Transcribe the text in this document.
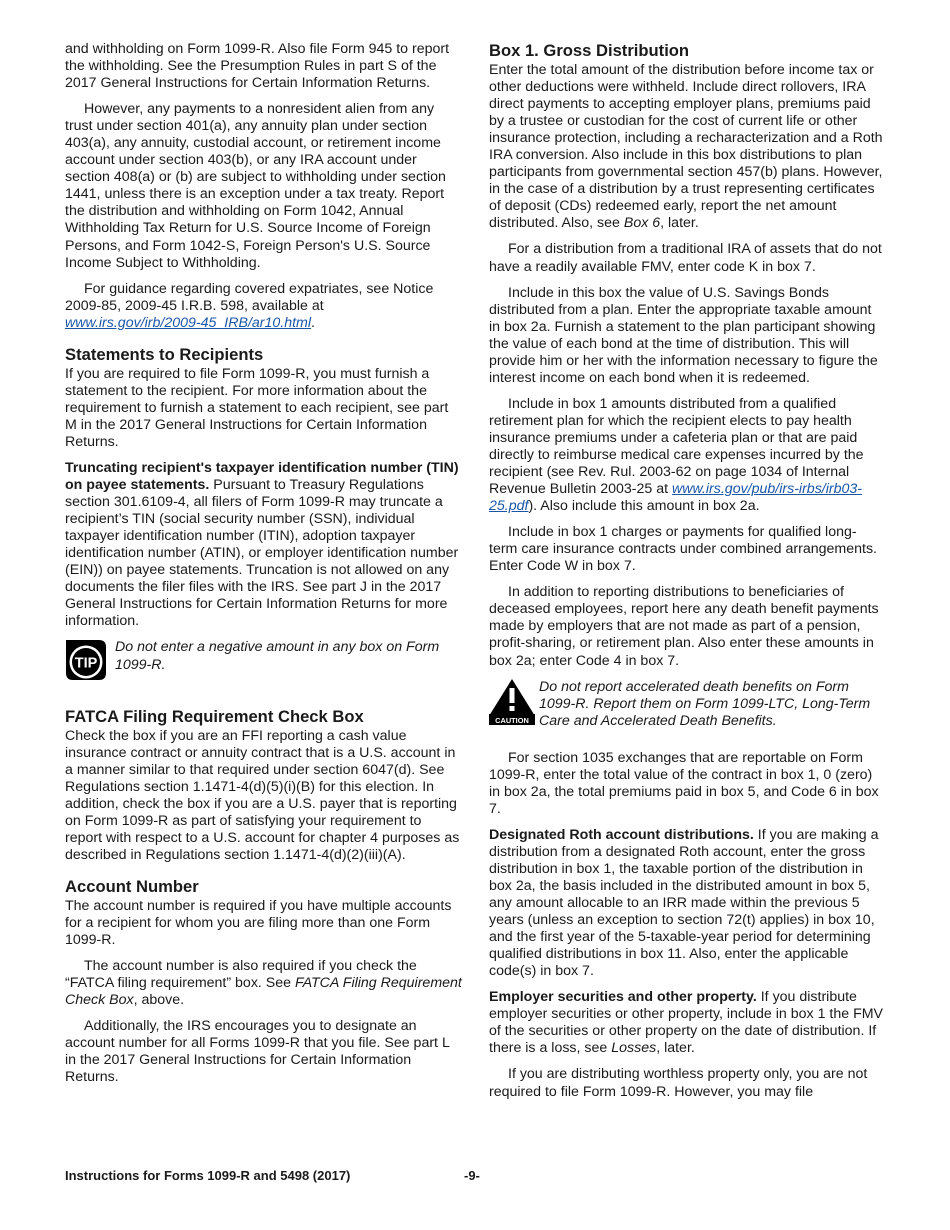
and withholding on Form 1099-R. Also file Form 945 to report the withholding. See the Presumption Rules in part S of the 2017 General Instructions for Certain Information Returns.

However, any payments to a nonresident alien from any trust under section 401(a), any annuity plan under section 403(a), any annuity, custodial account, or retirement income account under section 403(b), or any IRA account under section 408(a) or (b) are subject to withholding under section 1441, unless there is an exception under a tax treaty. Report the distribution and withholding on Form 1042, Annual Withholding Tax Return for U.S. Source Income of Foreign Persons, and Form 1042-S, Foreign Person's U.S. Source Income Subject to Withholding.

For guidance regarding covered expatriates, see Notice 2009-85, 2009-45 I.R.B. 598, available at www.irs.gov/irb/2009-45_IRB/ar10.html.

Statements to Recipients

If you are required to file Form 1099-R, you must furnish a statement to the recipient. For more information about the requirement to furnish a statement to each recipient, see part M in the 2017 General Instructions for Certain Information Returns.

Truncating recipient's taxpayer identification number (TIN) on payee statements. Pursuant to Treasury Regulations section 301.6109-4, all filers of Form 1099-R may truncate a recipient’s TIN (social security number (SSN), individual taxpayer identification number (ITIN), adoption taxpayer identification number (ATIN), or employer identification number (EIN)) on payee statements. Truncation is not allowed on any documents the filer files with the IRS. See part J in the 2017 General Instructions for Certain Information Returns for more information.

TIP
Do not enter a negative amount in any box on Form 1099-R.
FATCA Filing Requirement Check Box

Check the box if you are an FFI reporting a cash value insurance contract or annuity contract that is a U.S. account in a manner similar to that required under section 6047(d). See Regulations section 1.1471-4(d)(5)(i)(B) for this election. In addition, check the box if you are a U.S. payer that is reporting on Form 1099-R as part of satisfying your requirement to report with respect to a U.S. account for chapter 4 purposes as described in Regulations section 1.1471-4(d)(2)(iii)(A).

Account Number

The account number is required if you have multiple accounts for a recipient for whom you are filing more than one Form 1099-R.

The account number is also required if you check the “FATCA filing requirement” box. See FATCA Filing Requirement Check Box, above.

Additionally, the IRS encourages you to designate an account number for all Forms 1099-R that you file. See part L in the 2017 General Instructions for Certain Information Returns.

Box 1. Gross Distribution

Enter the total amount of the distribution before income tax or other deductions were withheld. Include direct rollovers, IRA direct payments to accepting employer plans, premiums paid by a trustee or custodian for the cost of current life or other insurance protection, including a recharacterization and a Roth IRA conversion. Also include in this box distributions to plan participants from governmental section 457(b) plans. However, in the case of a distribution by a trust representing certificates of deposit (CDs) redeemed early, report the net amount distributed. Also, see Box 6, later.

For a distribution from a traditional IRA of assets that do not have a readily available FMV, enter code K in box 7.

Include in this box the value of U.S. Savings Bonds distributed from a plan. Enter the appropriate taxable amount in box 2a. Furnish a statement to the plan participant showing the value of each bond at the time of distribution. This will provide him or her with the information necessary to figure the interest income on each bond when it is redeemed.

Include in box 1 amounts distributed from a qualified retirement plan for which the recipient elects to pay health insurance premiums under a cafeteria plan or that are paid directly to reimburse medical care expenses incurred by the recipient (see Rev. Rul. 2003-62 on page 1034 of Internal Revenue Bulletin 2003-25 at www.irs.gov/pub/irs-irbs/irb03-25.pdf). Also include this amount in box 2a.

Include in box 1 charges or payments for qualified long-term care insurance contracts under combined arrangements. Enter Code W in box 7.

In addition to reporting distributions to beneficiaries of deceased employees, report here any death benefit payments made by employers that are not made as part of a pension, profit-sharing, or retirement plan. Also enter these amounts in box 2a; enter Code 4 in box 7.

CAUTION
Do not report accelerated death benefits on Form 1099-R. Report them on Form 1099-LTC, Long-Term Care and Accelerated Death Benefits.

For section 1035 exchanges that are reportable on Form 1099-R, enter the total value of the contract in box 1, 0 (zero) in box 2a, the total premiums paid in box 5, and Code 6 in box 7.

Designated Roth account distributions. If you are making a distribution from a designated Roth account, enter the gross distribution in box 1, the taxable portion of the distribution in box 2a, the basis included in the distributed amount in box 5, any amount allocable to an IRR made within the previous 5 years (unless an exception to section 72(t) applies) in box 10, and the first year of the 5-taxable-year period for determining qualified distributions in box 11. Also, enter the applicable code(s) in box 7.

Employer securities and other property. If you distribute employer securities or other property, include in box 1 the FMV of the securities or other property on the date of distribution. If there is a loss, see Losses, later.

If you are distributing worthless property only, you are not required to file Form 1099-R. However, you may file

Instructions for Forms 1099-R and 5498 (2017)	-9-
